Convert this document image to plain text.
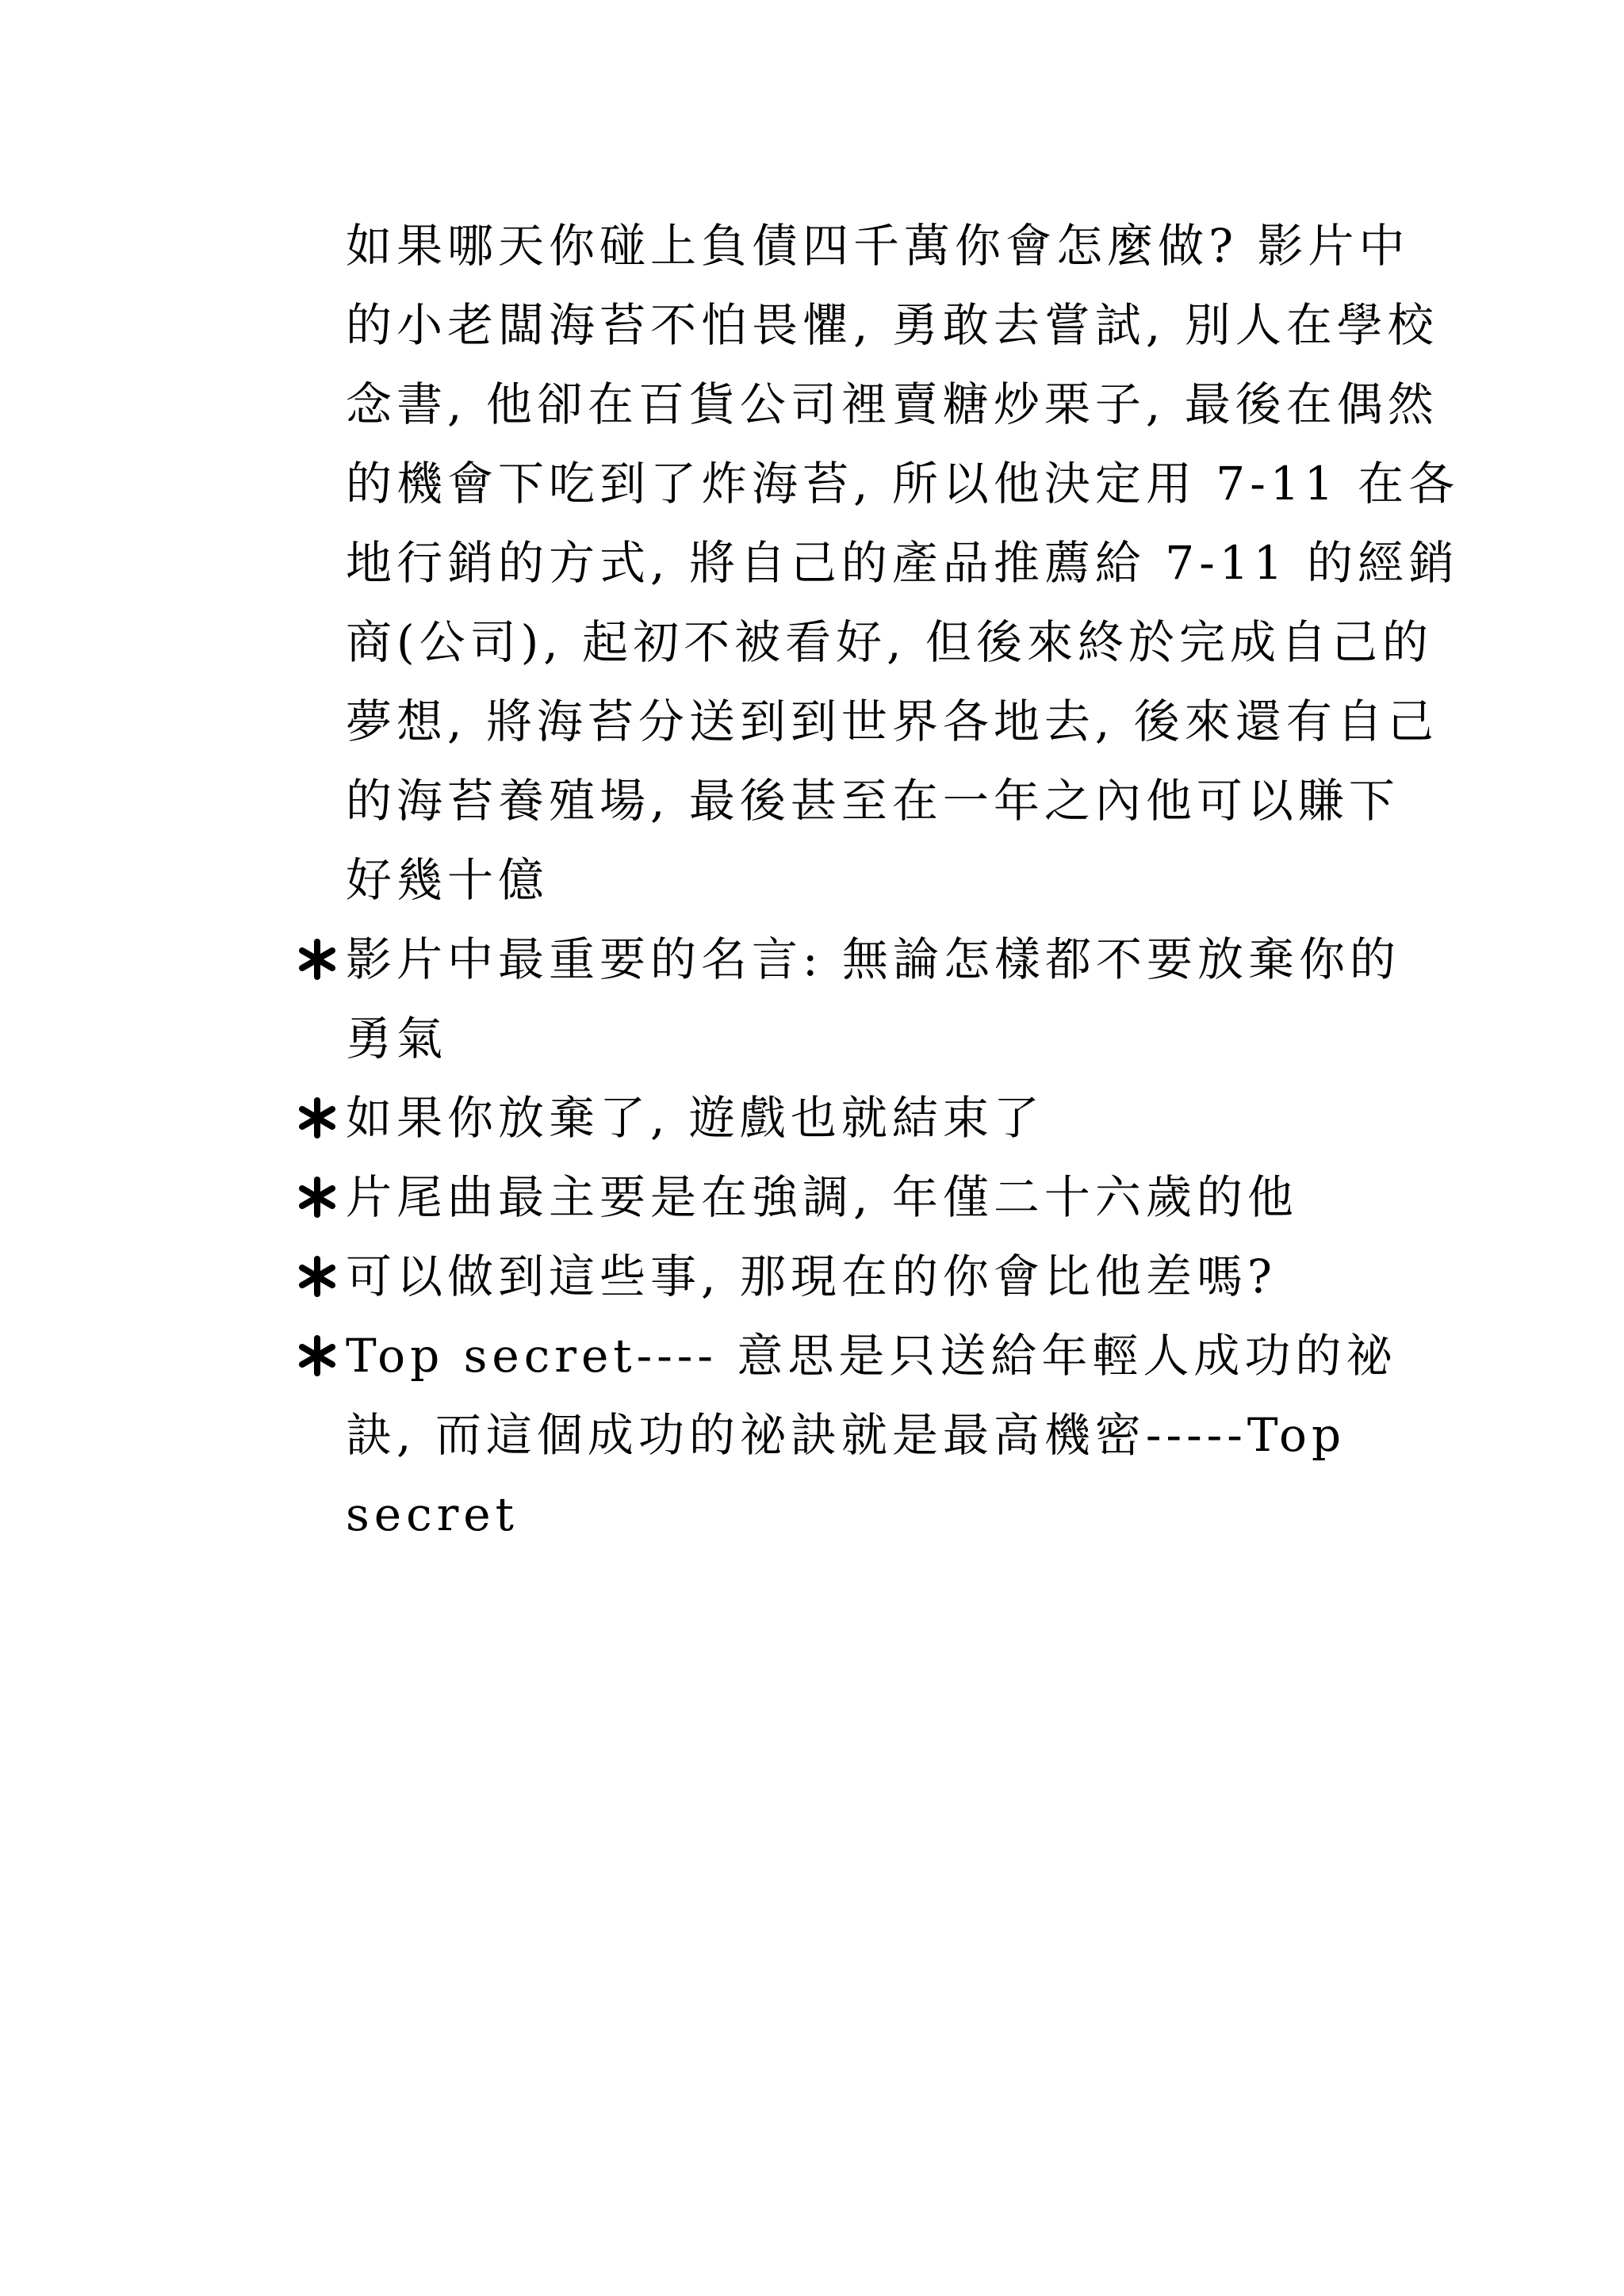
如果哪天你碰上負債四千萬你會怎麼做? 影片中
的小老闆海苔不怕畏懼, 勇敢去嘗試, 別人在學校
念書, 他卻在百貨公司裡賣糖炒栗子, 最後在偶然
的機會下吃到了炸海苔, 所以他決定用 7-11 在各
地行銷的方式, 將自己的產品推薦給 7-11 的經銷
商(公司), 起初不被看好, 但後來終於完成自己的
夢想, 將海苔分送到到世界各地去, 後來還有自己
的海苔養殖場, 最後甚至在一年之內他可以賺下
好幾十億
影片中最重要的名言: 無論怎樣都不要放棄你的
勇氣
如果你放棄了, 遊戲也就結束了
片尾曲最主要是在強調, 年僅二十六歲的他
可以做到這些事, 那現在的你會比他差嗎?
Top secret---- 意思是只送給年輕人成功的祕
訣, 而這個成功的祕訣就是最高機密-----Top
secret
